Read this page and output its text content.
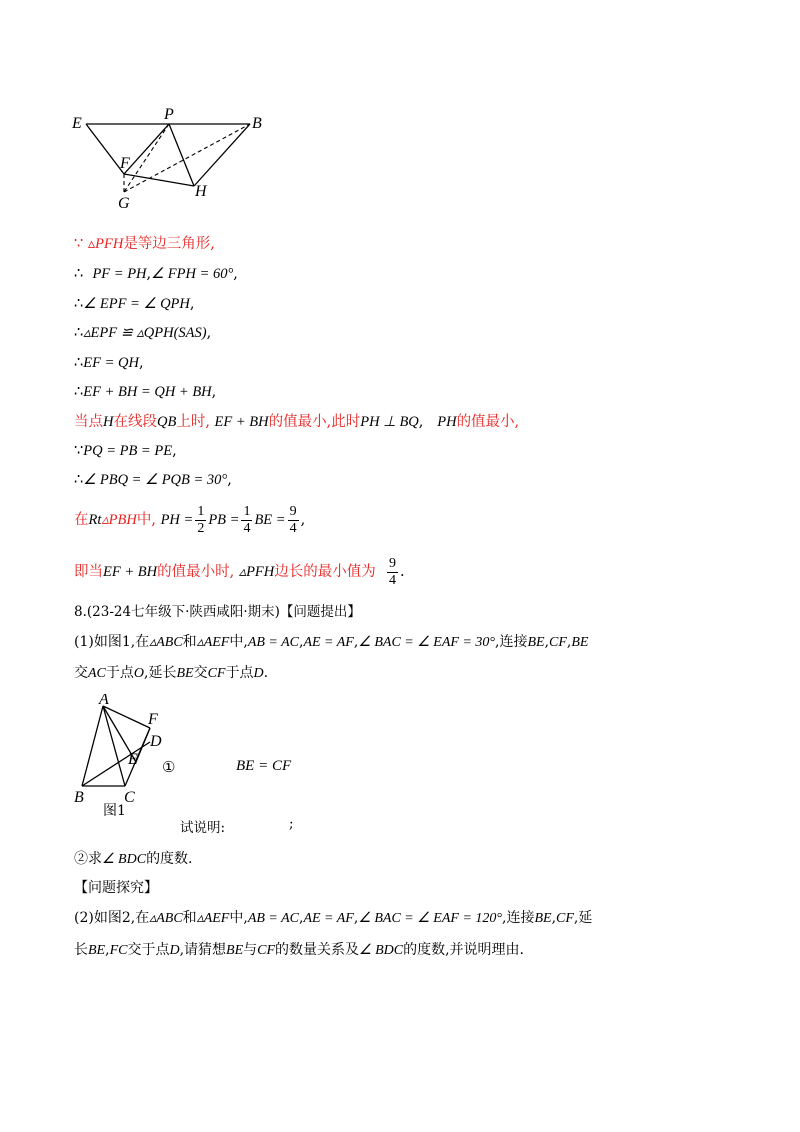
E
P
B
F
G
H
∵ ▵PFH是等边三角形,
∴ PF = PH,∠ FPH = 60°,
∴∠ EPF = ∠ QPH,
∴▵EPF ≌ ▵QPH(SAS),
∴EF = QH,
∴EF + BH = QH + BH,
当点H在线段QB上时, EF + BH的值最小,此时PH ⊥ BQ, PH的值最小,
∵PQ = PB = PE,
∴∠ PBQ = ∠ PQB = 30°,
在Rt▵PBH中, PH = $\frac{1}{2}$ PB = $\frac{1}{4}$ BE = $\frac{9}{4}$ ,
即当EF + BH的值最小时, ▵PFH边长的最小值为 $\frac{9}{4}$ .
8.(23-24七年级下·陕西咸阳·期末)【问题提出】
(1)如图1,在▵ABC和▵AEF中,AB = AC,AE = AF,∠ BAC = ∠ EAF = 30°,连接BE,CF,BE
交AC于点O,延长BE交CF于点D.
A
F
D
E
B	C
图1
①	BE = CF
试说明:	;
②求∠ BDC的度数.
【问题探究】
(2)如图2,在▵ABC和▵AEF中,AB = AC,AE = AF,∠ BAC = ∠ EAF = 120°,连接BE,CF,延
长BE,FC交于点D,请猜想BE与CF的数量关系及∠ BDC的度数,并说明理由.
